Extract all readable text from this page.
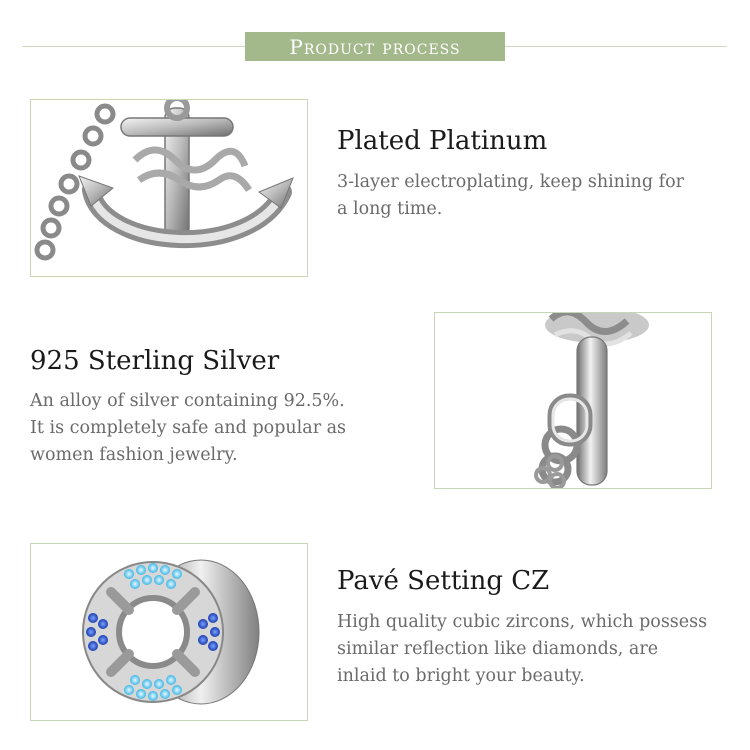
Product process
Plated Platinum
3-layer electroplating, keep shining for
a long time.
925 Sterling Silver
An alloy of silver containing 92.5%.
It is completely safe and popular as
women fashion jewelry.
Pavé Setting CZ
High quality cubic zircons, which possess
similar reflection like diamonds, are
inlaid to bright your beauty.
